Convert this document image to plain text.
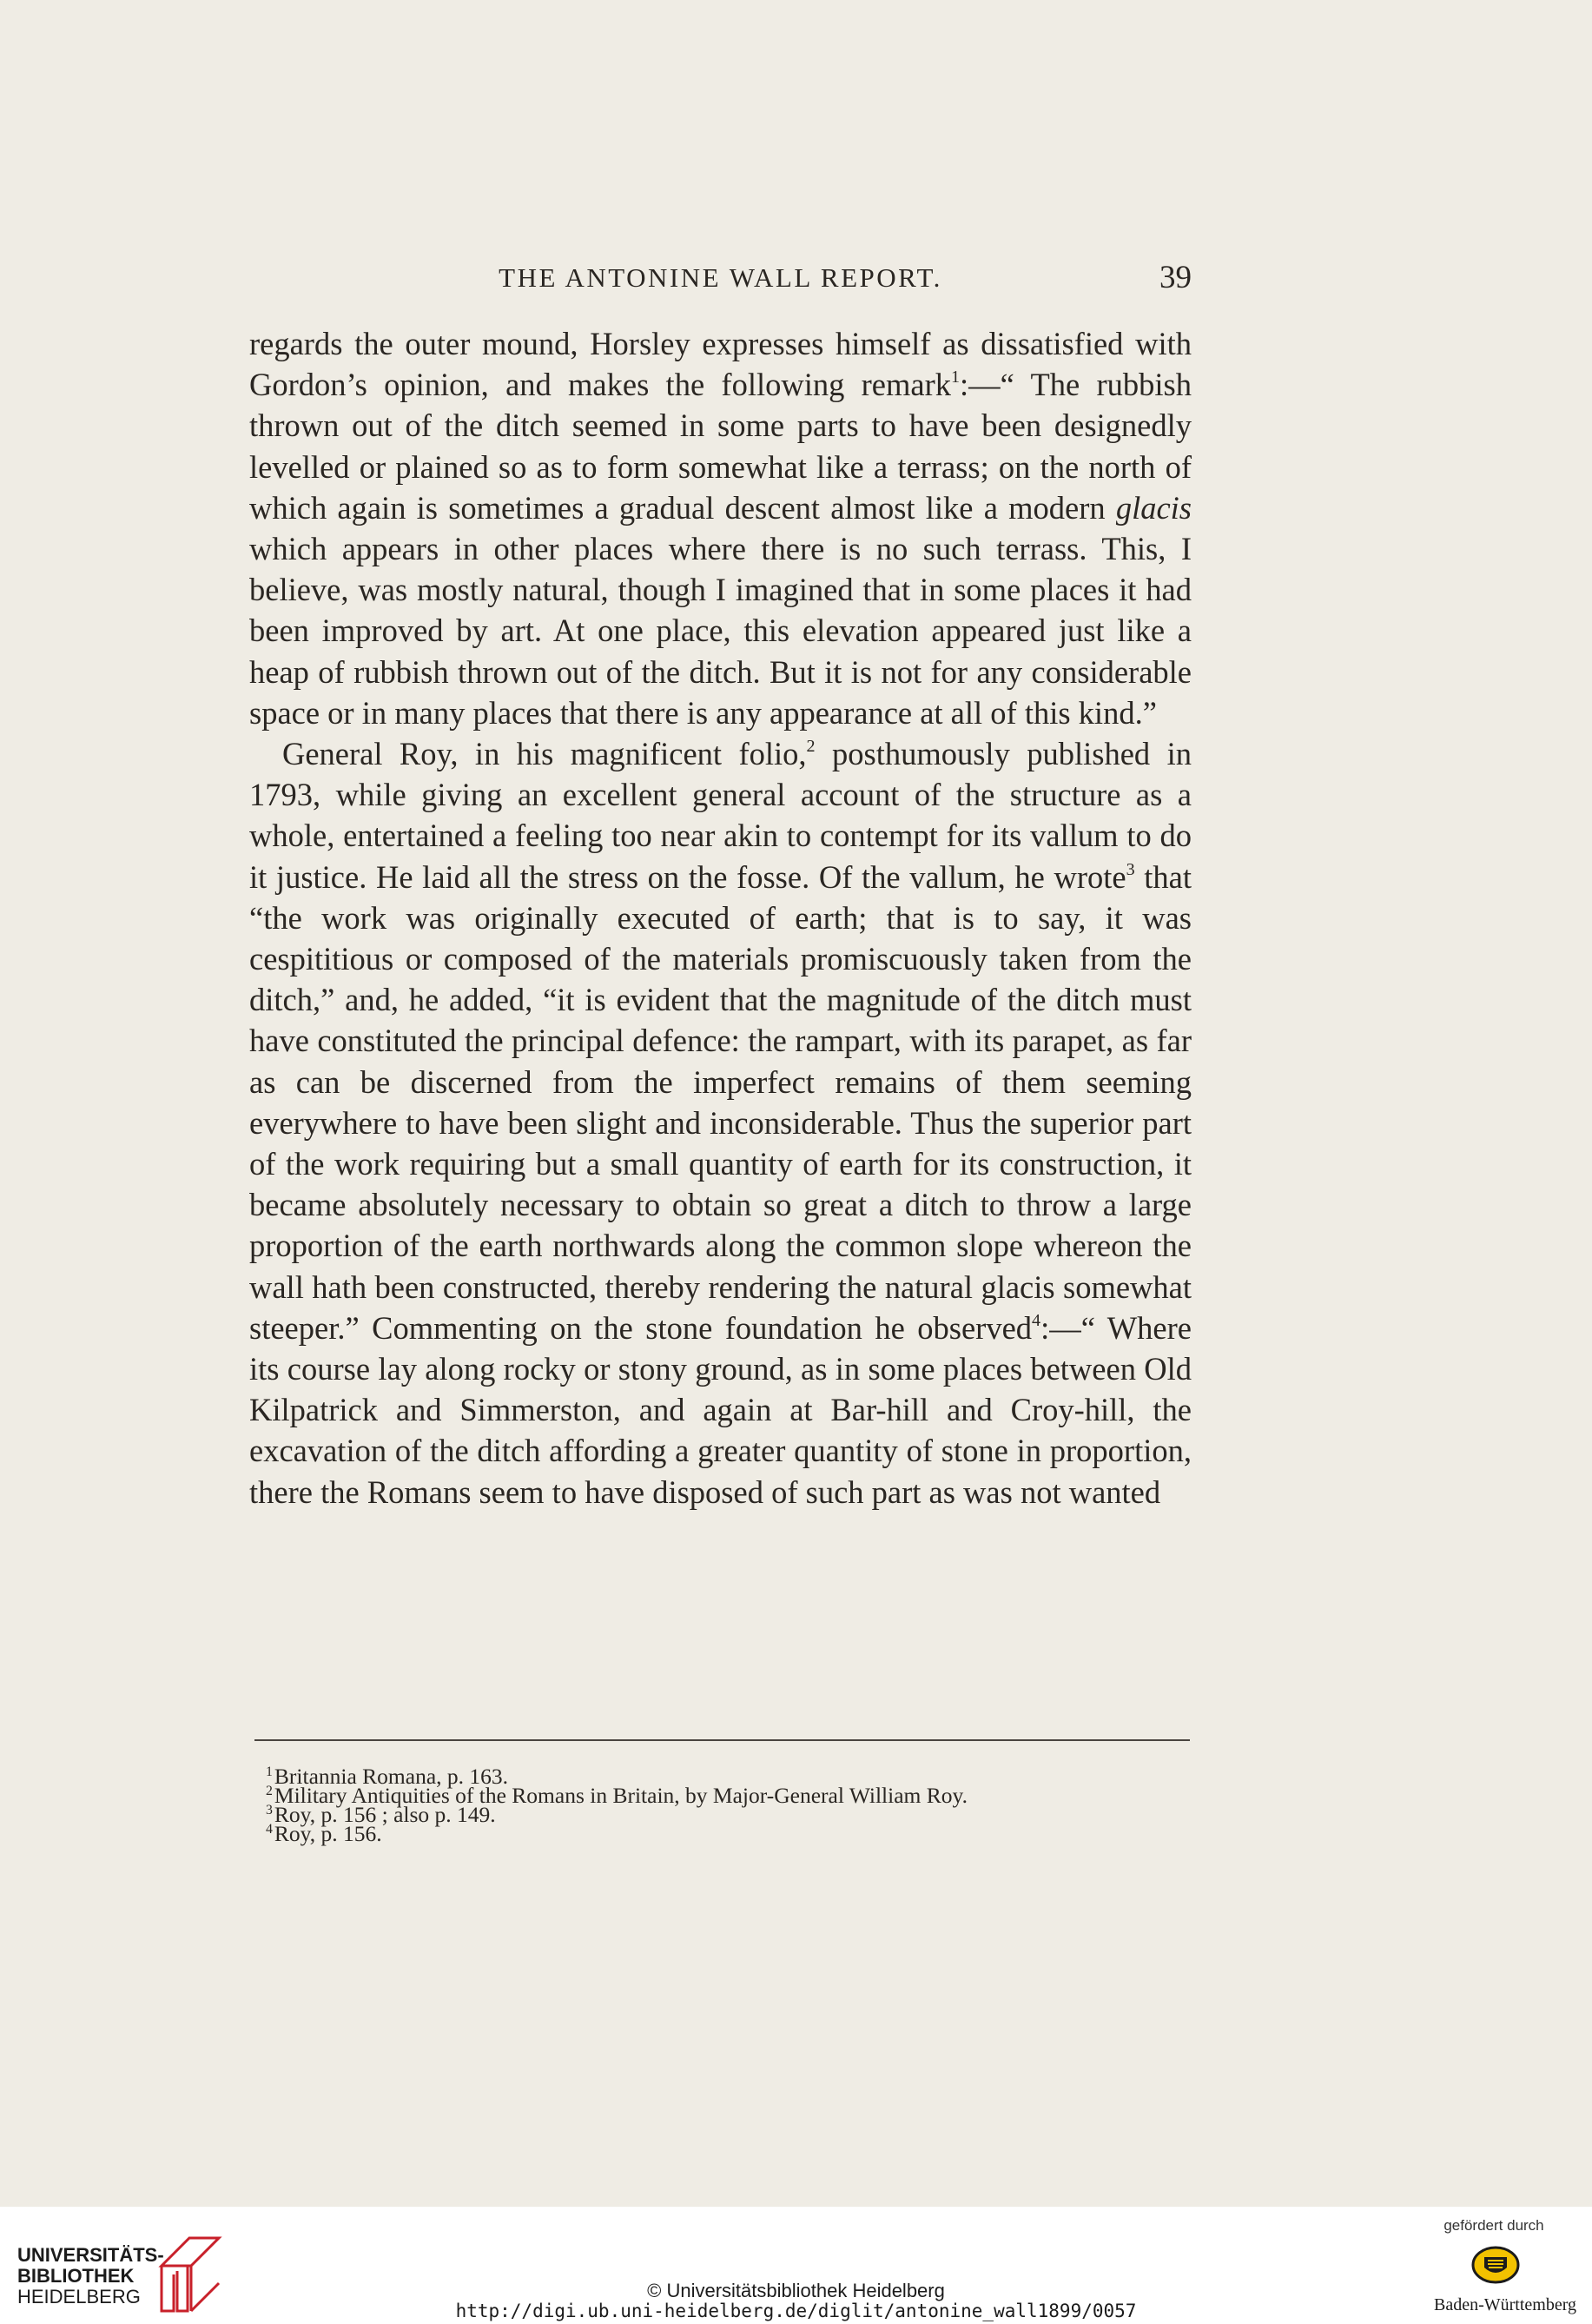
THE ANTONINE WALL REPORT.	39

regards the outer mound, Horsley expresses himself as dissatisfied with Gordon’s opinion, and makes the following remark$^1$:—“ The rubbish thrown out of the ditch seemed in some parts to have been designedly levelled or plained so as to form somewhat like a terrass; on the north of which again is sometimes a gradual descent almost like a modern glacis which appears in other places where there is no such terrass. This, I believe, was mostly natural, though I imagined that in some places it had been improved by art. At one place, this elevation appeared just like a heap of rubbish thrown out of the ditch. But it is not for any considerable space or in many places that there is any appearance at all of this kind.”

General Roy, in his magnificent folio,$^2$ posthumously published in 1793, while giving an excellent general account of the structure as a whole, entertained a feeling too near akin to contempt for its vallum to do it justice. He laid all the stress on the fosse. Of the vallum, he wrote$^3$ that “the work was originally executed of earth; that is to say, it was cespititious or composed of the materials promiscuously taken from the ditch,” and, he added, “it is evident that the magnitude of the ditch must have constituted the principal defence: the rampart, with its parapet, as far as can be discerned from the imperfect remains of them seeming everywhere to have been slight and inconsiderable. Thus the superior part of the work requiring but a small quantity of earth for its construction, it became absolutely necessary to obtain so great a ditch to throw a large proportion of the earth northwards along the common slope whereon the wall hath been constructed, thereby rendering the natural glacis somewhat steeper.” Commenting on the stone foundation he observed$^4$:—“ Where its course lay along rocky or stony ground, as in some places between Old Kilpatrick and Simmerston, and again at Bar-hill and Croy-hill, the excavation of the ditch affording a greater quantity of stone in proportion, there the Romans seem to have disposed of such part as was not wanted

$^1$Britannia Romana, p. 163.
$^2$Military Antiquities of the Romans in Britain, by Major-General William Roy.
$^3$Roy, p. 156 ; also p. 149.
$^4$Roy, p. 156.
UNIVERSITÄTS-
BIBLIOTHEK
HEIDELBERG	© Universitätsbibliothek Heidelberg
http://digi.ub.uni-heidelberg.de/diglit/antonine_wall1899/0057
gefördert durch
Baden-Württemberg
